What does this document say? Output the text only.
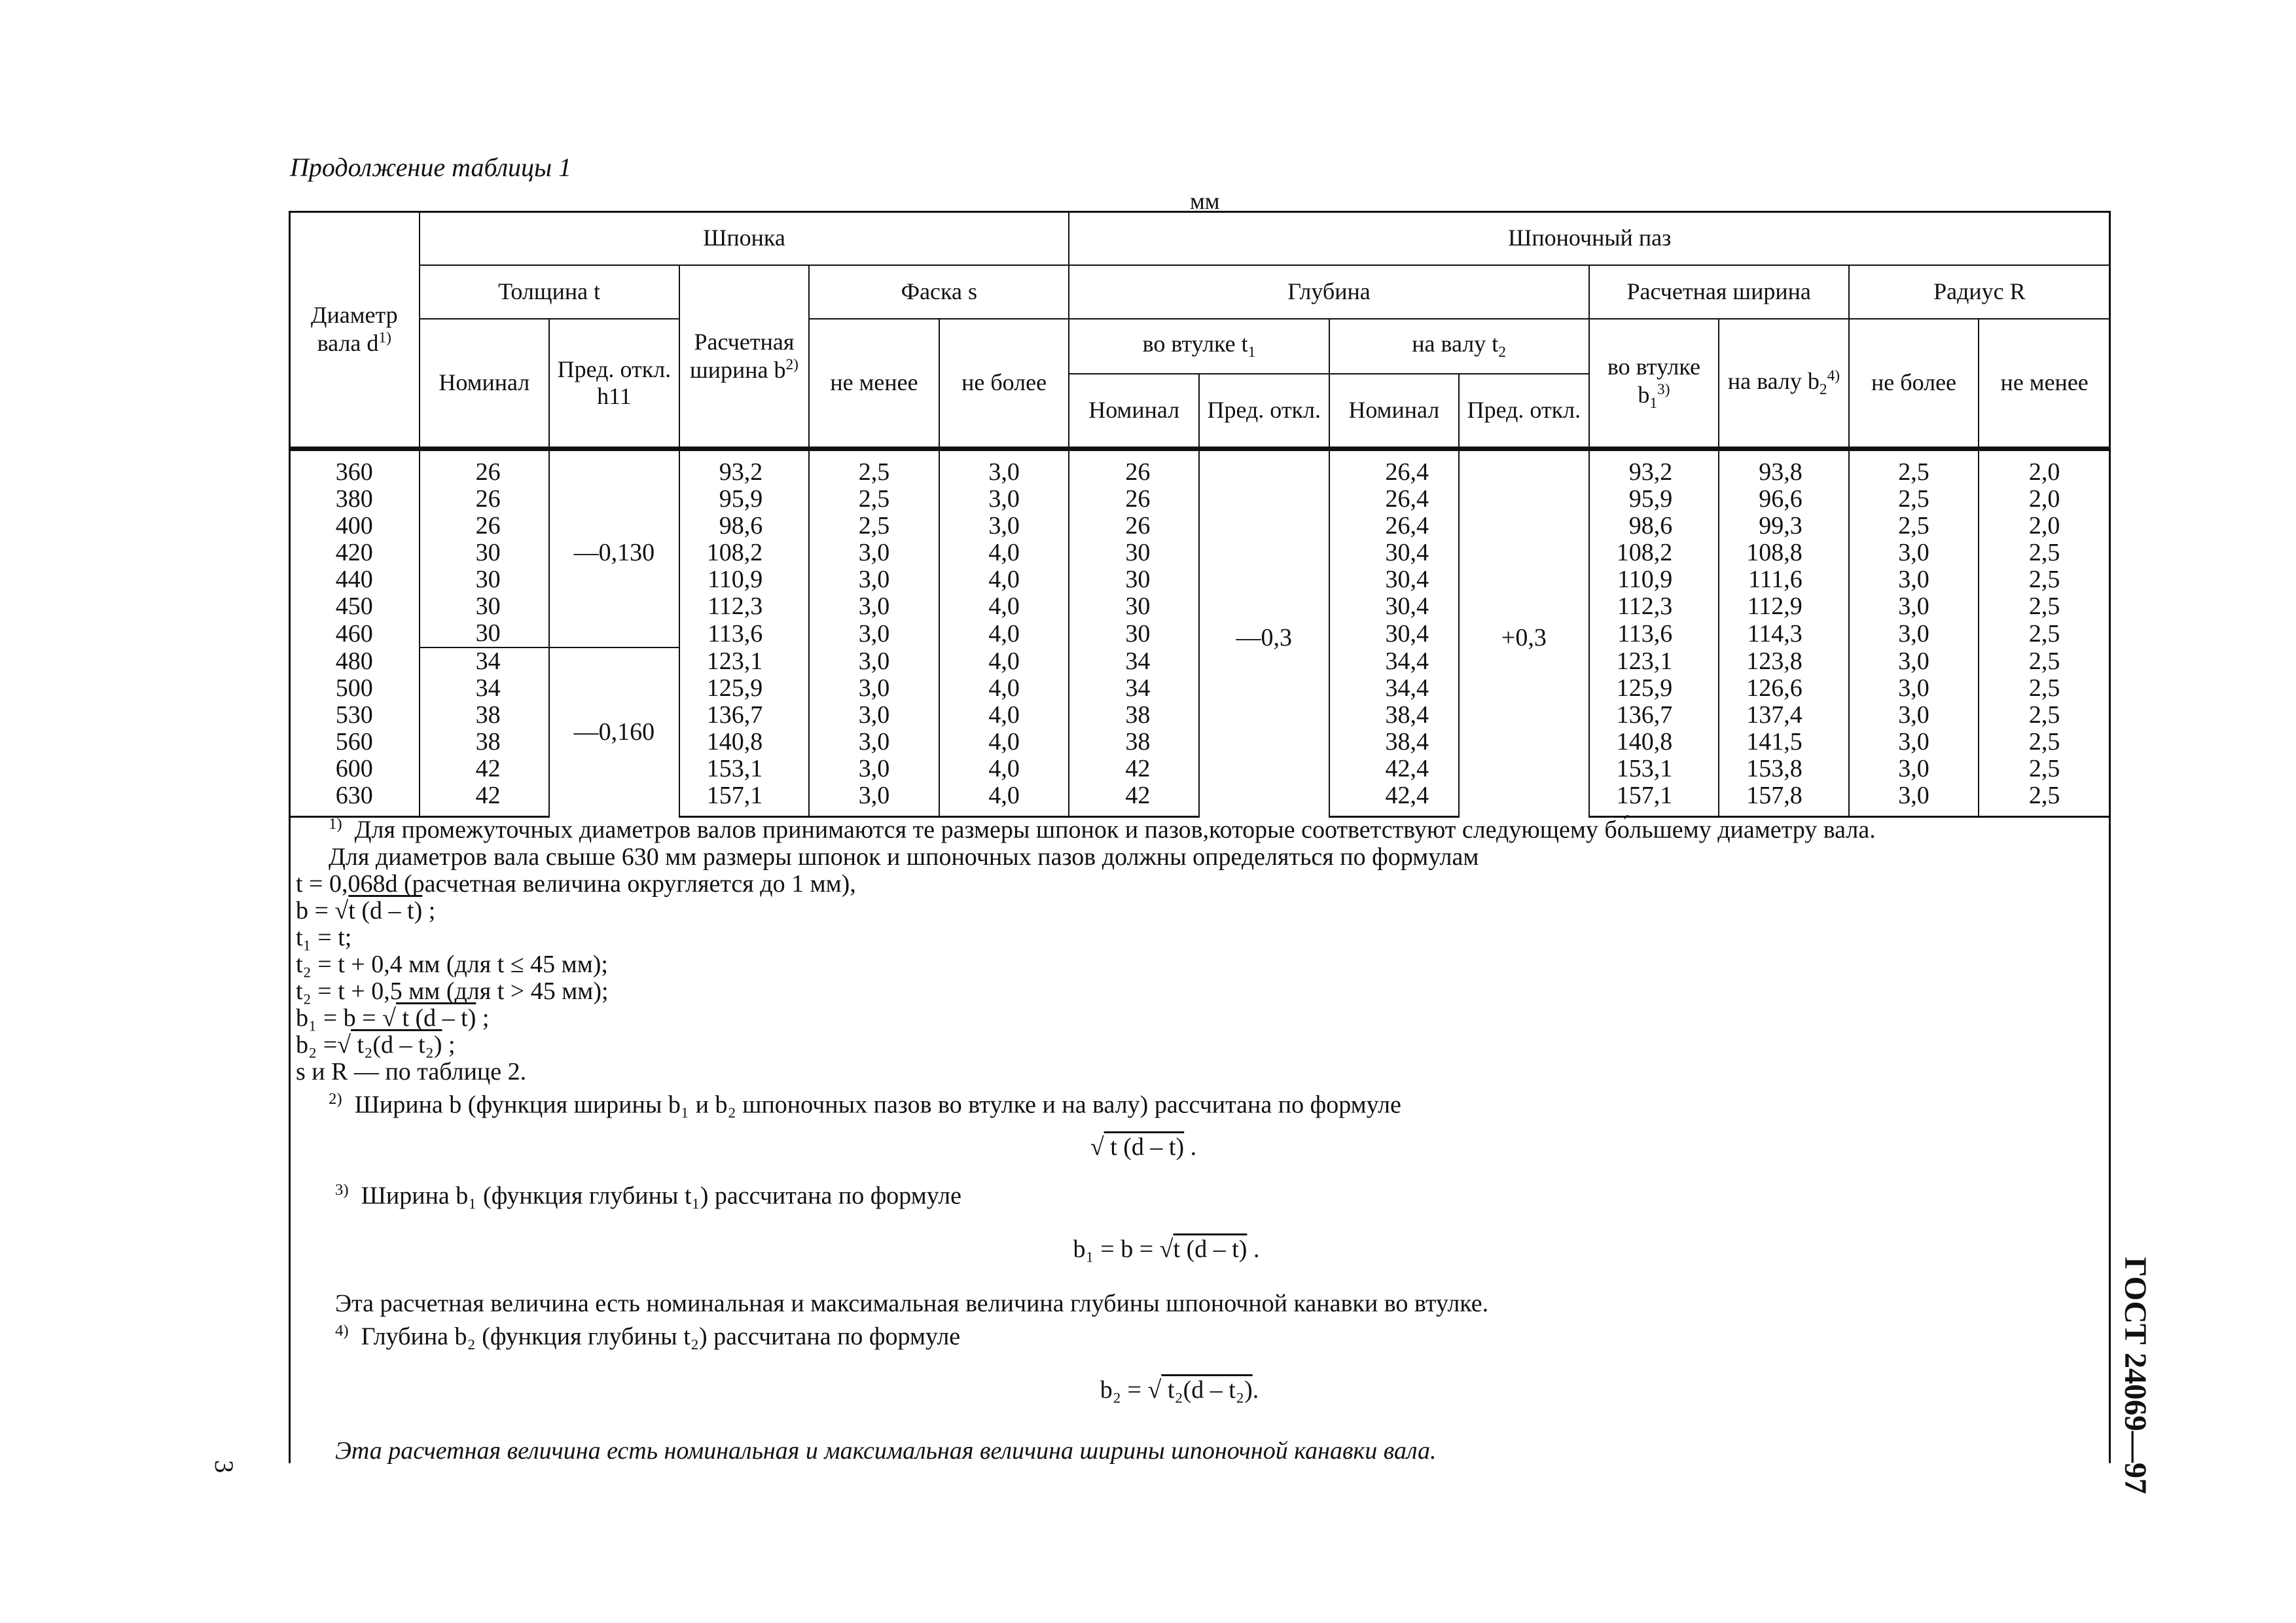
Продолжение таблицы 1
мм
Диаметр вала $d^{1)}$	Шпонка					Шпоночный паз							
	Толщина t		Расчетная ширина $b^{2)}$	Фаска s		Глубина				Расчетная ширина		Радиус R	
	Номинал	Пред. откл. h11		не менее	не более	во втулке $t_1$		на валу $t_2$		во втулке $b_1^{3)}$	на валу $b_2^{4)}$	не более	не менее
						Номинал	Пред. откл.	Номинал	Пред. откл.				
360	26	—0,130	93,2	2,5	3,0	26	—0,3	26,4	+0,3	93,2	93,8	2,5	2,0
380	26		95,9	2,5	3,0	26		26,4		95,9	96,6	2,5	2,0
400	26		98,6	2,5	3,0	26		26,4		98,6	99,3	2,5	2,0
420	30		108,2	3,0	4,0	30		30,4		108,2	108,8	3,0	2,5
440	30		110,9	3,0	4,0	30		30,4		110,9	111,6	3,0	2,5
450	30		112,3	3,0	4,0	30		30,4		112,3	112,9	3,0	2,5
460	30		113,6	3,0	4,0	30		30,4		113,6	114,3	3,0	2,5
480	34	—0,160	123,1	3,0	4,0	34		34,4		123,1	123,8	3,0	2,5
500	34		125,9	3,0	4,0	34		34,4		125,9	126,6	3,0	2,5
530	38		136,7	3,0	4,0	38		38,4		136,7	137,4	3,0	2,5
560	38		140,8	3,0	4,0	38		38,4		140,8	141,5	3,0	2,5
600	42		153,1	3,0	4,0	42		42,4		153,1	153,8	3,0	2,5
630	42		157,1	3,0	4,0	42		42,4		157,1	157,8	3,0	2,5
$^{1)}$ Для промежуточных диаметров валов принимаются те размеры шпонок и пазов,которые соответствуют следующему бо́льшему диаметру вала.
Для диаметров вала свыше 630 мм размеры шпонок и шпоночных пазов должны определяться по формулам
t = 0,068d (расчетная величина округляется до 1 мм),
b = √t (d – t) ;
t₁ = t;
t₂ = t + 0,4 мм (для t ≤ 45 мм);
t₂ = t + 0,5 мм (для t > 45 мм);
b₁ = b = √ t (d – t) ;
b₂ =√ t₂(d – t₂) ;
s и R — по таблице 2.
$^{2)}$ Ширина b (функция ширины b₁ и b₂ шпоночных пазов во втулке и на валу) рассчитана по формуле
√ t (d – t) .
$^{3)}$ Ширина b₁ (функция глубины t₁) рассчитана по формуле
b₁ = b = √t (d – t) .
Эта расчетная величина есть номинальная и максимальная величина глубины шпоночной канавки во втулке.
$^{4)}$ Глубина b₂ (функция глубины t₂) рассчитана по формуле
b₂ = √ t₂(d – t₂).
Эта расчетная величина есть номинальная и максимальная величина ширины шпоночной канавки вала.	ГОСТ 24069—97
3
